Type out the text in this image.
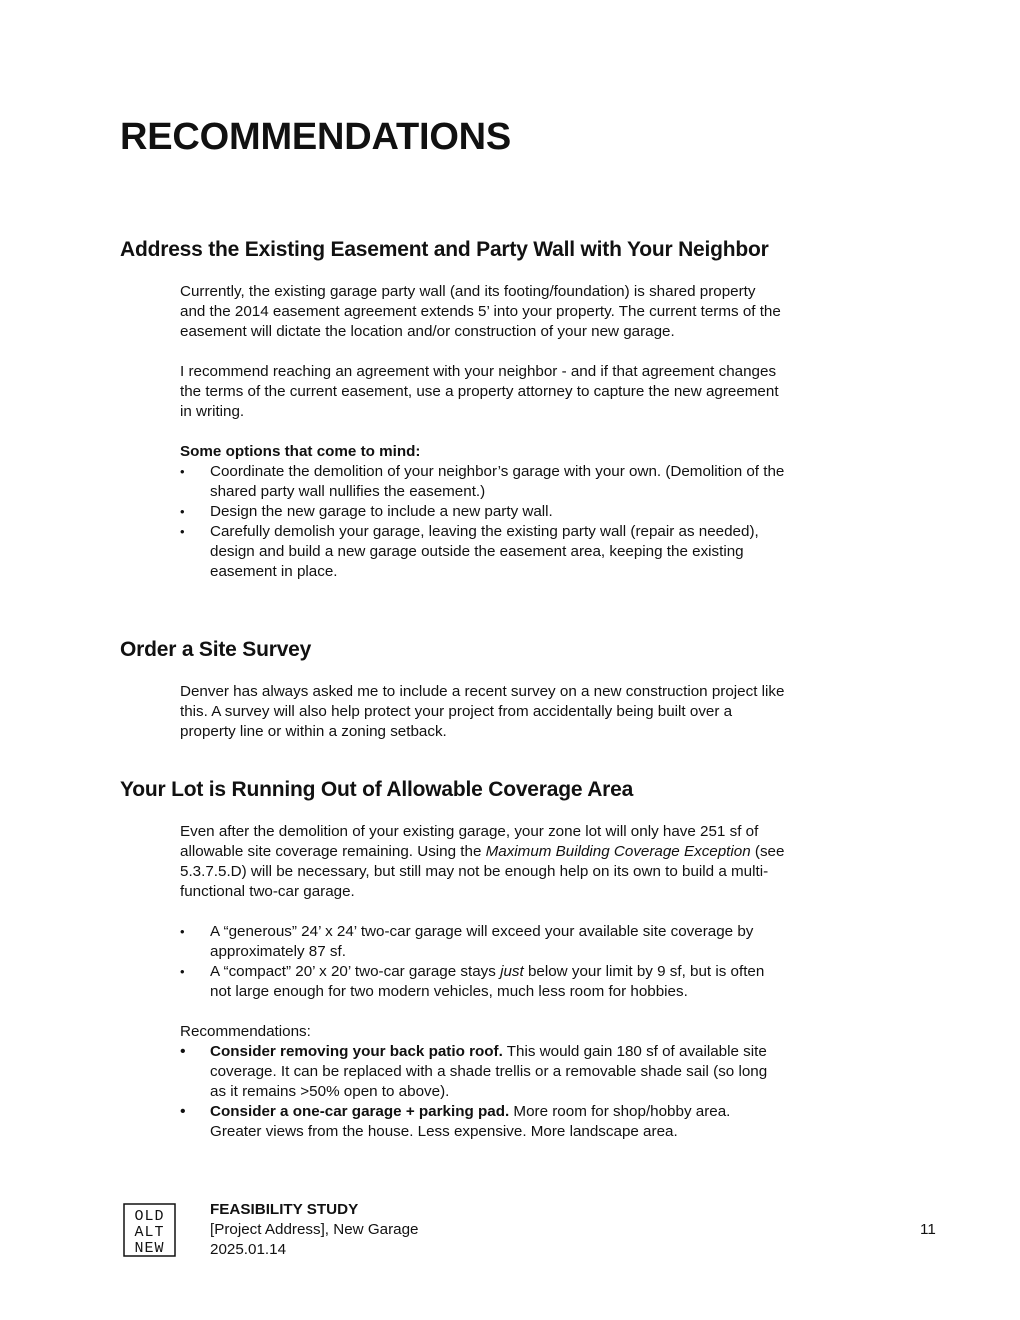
RECOMMENDATIONS
Address the Existing Easement and Party Wall with Your Neighbor

Currently, the existing garage party wall (and its footing/foundation) is shared property and the 2014 easement agreement extends 5’ into your property. The current terms of the easement will dictate the location and/or construction of your new garage.

I recommend reaching an agreement with your neighbor - and if that agreement changes the terms of the current easement, use a property attorney to capture the new agreement in writing.

Some options that come to mind:

• Coordinate the demolition of your neighbor’s garage with your own. (Demolition of the shared party wall nullifies the easement.)
• Design the new garage to include a new party wall.
• Carefully demolish your garage, leaving the existing party wall (repair as needed), design and build a new garage outside the easement area, keeping the existing easement in place.
Order a Site Survey

Denver has always asked me to include a recent survey on a new construction project like this. A survey will also help protect your project from accidentally being built over a property line or within a zoning setback.

Your Lot is Running Out of Allowable Coverage Area

Even after the demolition of your existing garage, your zone lot will only have 251 sf of allowable site coverage remaining. Using the Maximum Building Coverage Exception (see 5.3.7.5.D) will be necessary, but still may not be enough help on its own to build a multi-functional two-car garage.

• A “generous” 24’ x 24’ two-car garage will exceed your available site coverage by approximately 87 sf.
• A “compact” 20’ x 20’ two-car garage stays just below your limit by 9 sf, but is often not large enough for two modern vehicles, much less room for hobbies.

Recommendations:

• Consider removing your back patio roof. This would gain 180 sf of available site coverage. It can be replaced with a shade trellis or a removable shade sail (so long as it remains >50% open to above).
• Consider a one-car garage + parking pad. More room for shop/hobby area. Greater views from the house. Less expensive. More landscape area.
OLD
ALT
NEW
FEASIBILITY STUDY
[Project Address], New Garage
2025.01.14
11
